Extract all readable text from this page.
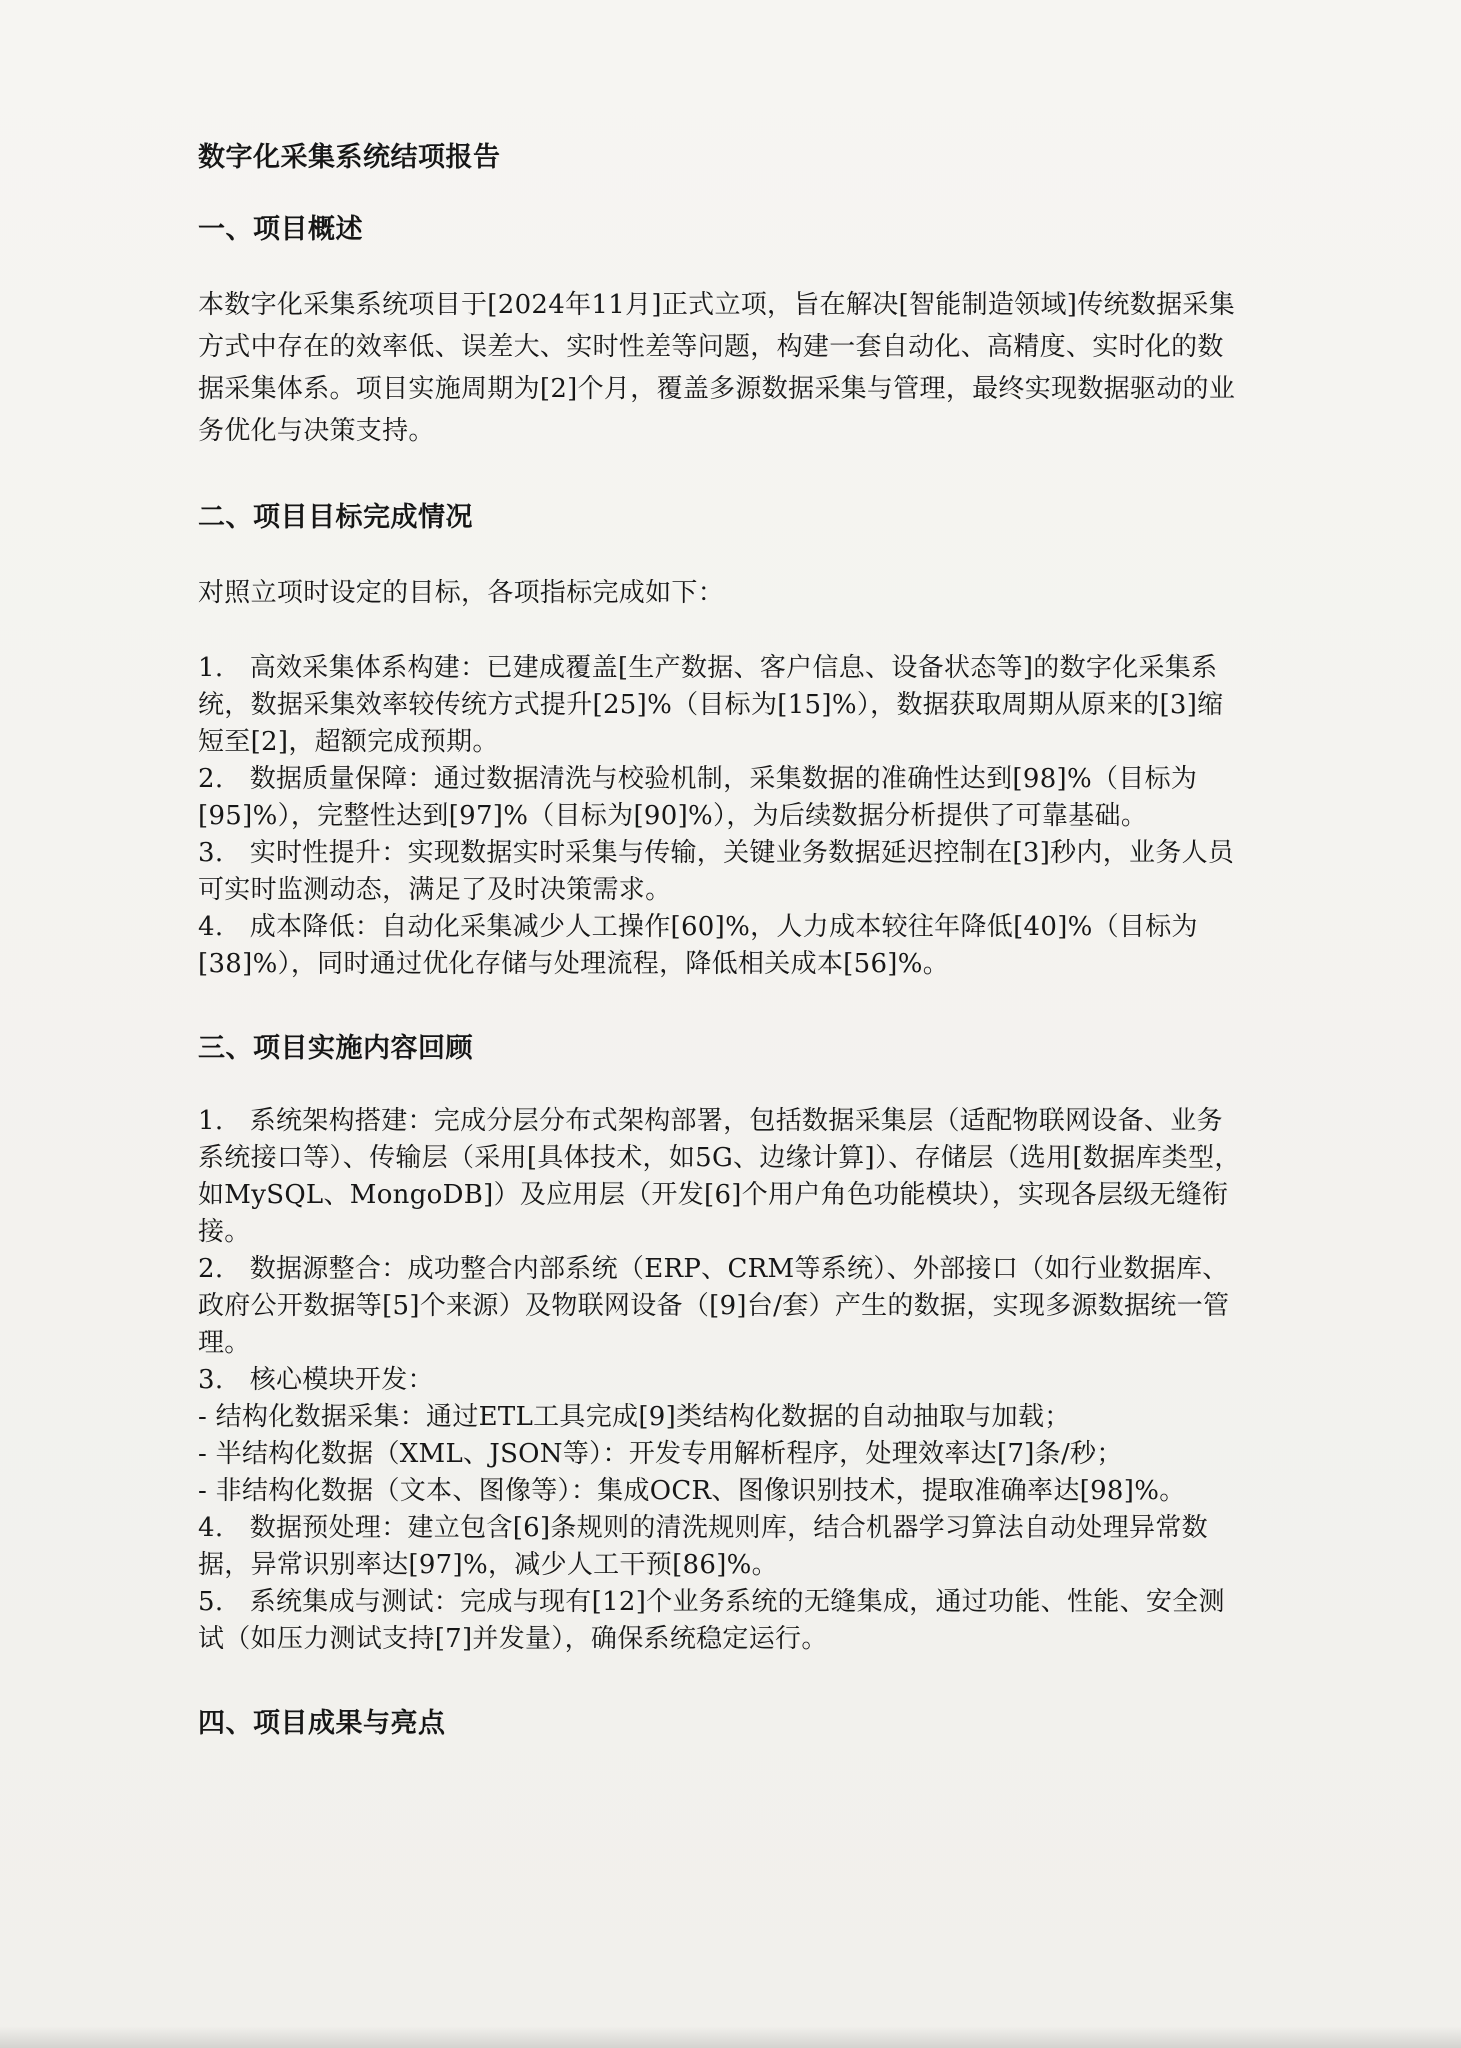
数字化采集系统结项报告
一、项目概述

本数字化采集系统项目于[2024年11月]正式立项，旨在解决[智能制造领域]传统数据采集方式中存在的效率低、误差大、实时性差等问题，构建一套自动化、高精度、实时化的数据采集体系。项目实施周期为[2]个月，覆盖多源数据采集与管理，最终实现数据驱动的业务优化与决策支持。

二、项目目标完成情况

对照立项时设定的目标，各项指标完成如下：

1.　高效采集体系构建：已建成覆盖[生产数据、客户信息、设备状态等]的数字化采集系统，数据采集效率较传统方式提升[25]%（目标为[15]%），数据获取周期从原来的[3]缩短至[2]，超额完成预期。

2.　数据质量保障：通过数据清洗与校验机制，采集数据的准确性达到[98]%（目标为[95]%），完整性达到[97]%（目标为[90]%），为后续数据分析提供了可靠基础。

3.　实时性提升：实现数据实时采集与传输，关键业务数据延迟控制在[3]秒内，业务人员可实时监测动态，满足了及时决策需求。

4.　成本降低：自动化采集减少人工操作[60]%，人力成本较往年降低[40]%（目标为[38]%），同时通过优化存储与处理流程，降低相关成本[56]%。

三、项目实施内容回顾

1.　系统架构搭建：完成分层分布式架构部署，包括数据采集层（适配物联网设备、业务系统接口等）、传输层（采用[具体技术，如5G、边缘计算]）、存储层（选用[数据库类型，如MySQL、MongoDB]）及应用层（开发[6]个用户角色功能模块），实现各层级无缝衔接。

2.　数据源整合：成功整合内部系统（ERP、CRM等系统）、外部接口（如行业数据库、政府公开数据等[5]个来源）及物联网设备（[9]台/套）产生的数据，实现多源数据统一管理。

3.　核心模块开发：

- 结构化数据采集：通过ETL工具完成[9]类结构化数据的自动抽取与加载；

- 半结构化数据（XML、JSON等）：开发专用解析程序，处理效率达[7]条/秒；

- 非结构化数据（文本、图像等）：集成OCR、图像识别技术，提取准确率达[98]%。

4.　数据预处理：建立包含[6]条规则的清洗规则库，结合机器学习算法自动处理异常数据，异常识别率达[97]%，减少人工干预[86]%。

5.　系统集成与测试：完成与现有[12]个业务系统的无缝集成，通过功能、性能、安全测试（如压力测试支持[7]并发量），确保系统稳定运行。

四、项目成果与亮点
